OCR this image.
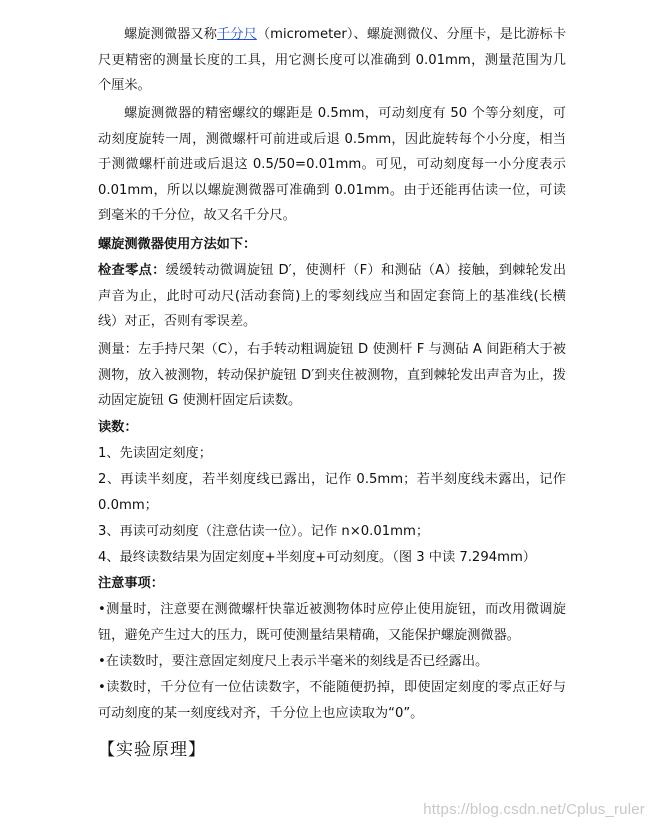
螺旋测微器又称千分尺（micrometer）、螺旋测微仪、分厘卡，是比游标卡尺更精密的测量长度的工具，用它测长度可以准确到 0.01mm，测量范围为几个厘米。

螺旋测微器的精密螺纹的螺距是 0.5mm，可动刻度有 50 个等分刻度，可动刻度旋转一周，测微螺杆可前进或后退 0.5mm，因此旋转每个小分度，相当于测微螺杆前进或后退这 0.5/50=0.01mm。可见，可动刻度每一小分度表示 0.01mm，所以以螺旋测微器可准确到 0.01mm。由于还能再估读一位，可读到毫米的千分位，故又名千分尺。

螺旋测微器使用方法如下：

检查零点：缓缓转动微调旋钮 D′，使测杆（F）和测砧（A）接触，到棘轮发出声音为止，此时可动尺(活动套筒)上的零刻线应当和固定套筒上的基准线(长横线）对正，否则有零误差。

测量：左手持尺架（C），右手转动粗调旋钮 D 使测杆 F 与测砧 A 间距稍大于被测物，放入被测物，转动保护旋钮 D′到夹住被测物，直到棘轮发出声音为止，拨动固定旋钮 G 使测杆固定后读数。

读数：

1、先读固定刻度；

2、再读半刻度，若半刻度线已露出，记作 0.5mm；若半刻度线未露出，记作 0.0mm；

3、再读可动刻度（注意估读一位）。记作 n×0.01mm；

4、最终读数结果为固定刻度+半刻度+可动刻度。（图 3 中读 7.294mm）

注意事项：

•测量时，注意要在测微螺杆快靠近被测物体时应停止使用旋钮，而改用微调旋钮，避免产生过大的压力，既可使测量结果精确，又能保护螺旋测微器。

•在读数时，要注意固定刻度尺上表示半毫米的刻线是否已经露出。

•读数时，千分位有一位估读数字，不能随便扔掉，即使固定刻度的零点正好与可动刻度的某一刻度线对齐，千分位上也应读取为“0”。

【实验原理】
https://blog.csdn.net/Cplus_ruler
